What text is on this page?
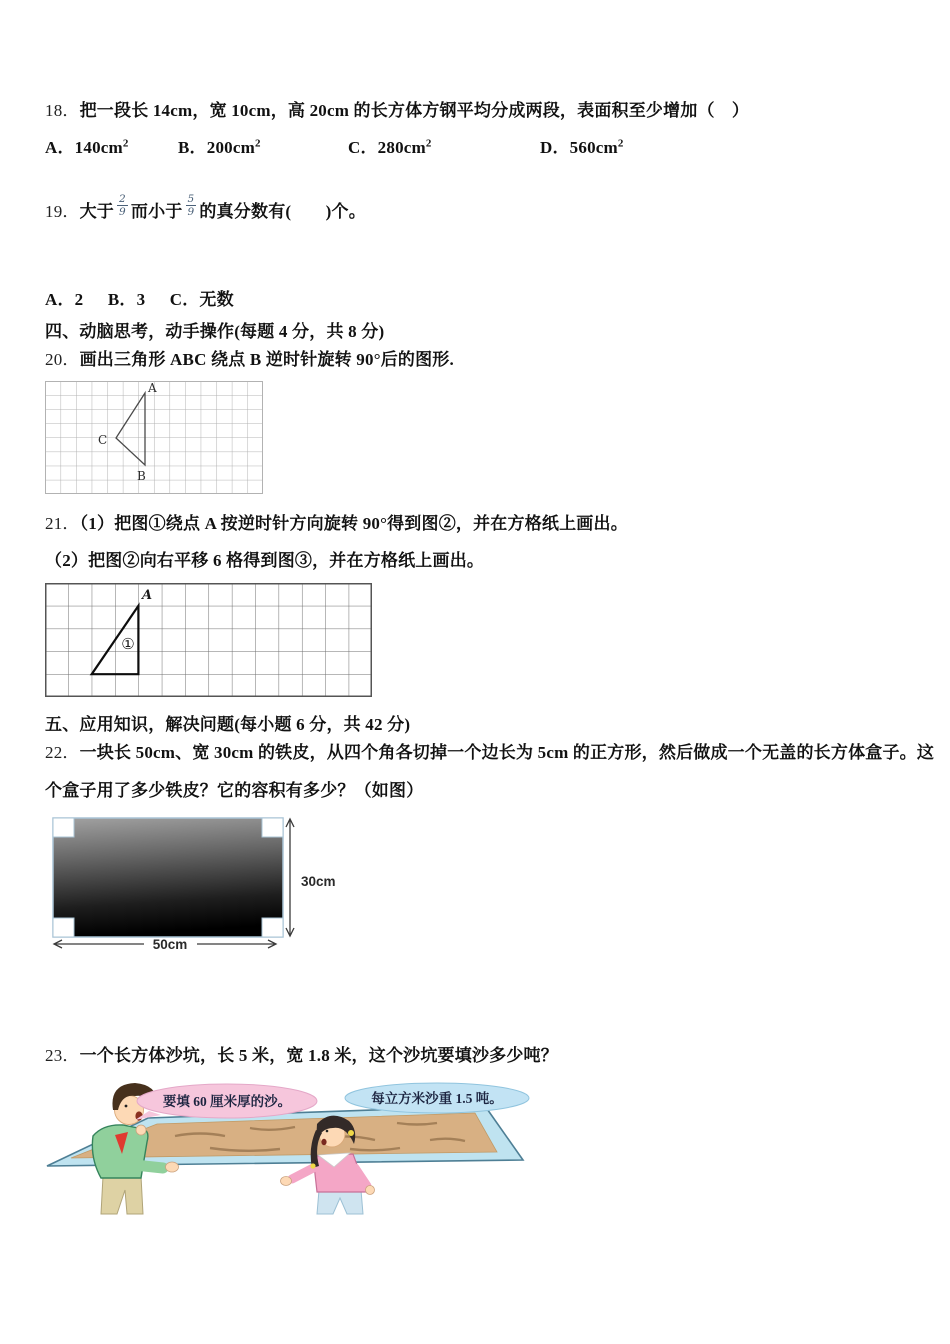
18．把一段长 14cm，宽 10cm，高 20cm 的长方体方钢平均分成两段，表面积至少增加（　）
A．$140cm^2$	B．$200cm^2$	C．$280cm^2$	D．$560cm^2$
19．大于 $\frac{2}{9}$ 而小于 $\frac{5}{9}$ 的真分数有(　　)个。
A．2 B．3 C．无数
四、动脑思考，动手操作(每题 4 分，共 8 分)
20．画出三角形 ABC 绕点 B 逆时针旋转 90°后的图形.
A
B
C
21．（1）把图①绕点 A 按逆时针方向旋转 90°得到图②，并在方格纸上画出。
（2）把图②向右平移 6 格得到图③，并在方格纸上画出。
A
①
五、应用知识，解决问题(每小题 6 分，共 42 分)
22．一块长 50cm、宽 30cm 的铁皮，从四个角各切掉一个边长为 5cm 的正方形，然后做成一个无盖的长方体盒子。这
个盒子用了多少铁皮？它的容积有多少？（如图）
30cm
50cm
23．一个长方体沙坑，长 5 米，宽 1.8 米，这个沙坑要填沙多少吨？
要填 60 厘米厚的沙。	每立方米沙重 1.5 吨。
